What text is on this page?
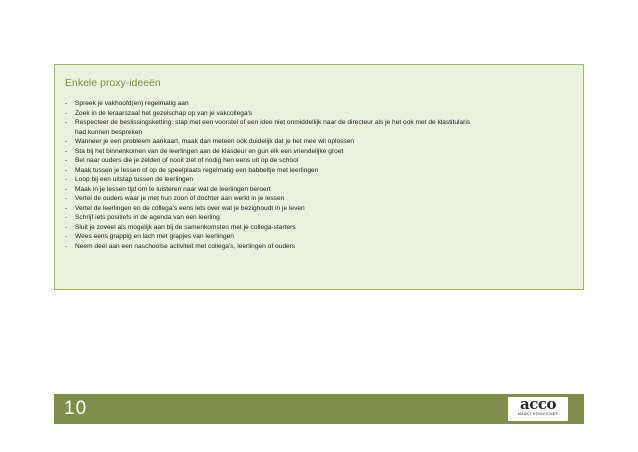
Enkele proxy-ideeën
- Spreek je vakhoofd(en) regelmatig aan
- Zoek in de leraarszaal het gezelschap op van je vakcollega's
- Respecteer de beslissingsketting: stap met een voorstel of een idee niet onmiddellijk naar de directeur als je het ook met de klastitularis
had kunnen bespreken
- Wanneer je een probleem aankaart, maak dan meteen ook duidelijk dat je het mee wil oplossen
- Sta bij het binnenkomen van de leerlingen aan de klasdeur en gun elk een vriendelijke groet
- Bel naar ouders die je zelden of nooit ziet of nodig hen eens uit op de school
- Maak tussen je lessen of op de speelplaats regelmatig een babbeltje met leerlingen
- Loop bij een uitstap tussen de leerlingen
- Maak in je lessen tijd om te luisteren naar wat de leerlingen beroert
- Vertel de ouders waar je met hun zoon of dochter aan werkt in je lessen
- Vertel de leerlingen en de collega’s eens iets over wat je bezighoudt in je leven
- Schrijf iets positiefs in de agenda van een leerling
- Sluit je zoveel als mogelijk aan bij de samenkomsten met je collega-starters
- Wees eens grappig en lach met grapjes van leerlingen
- Neem deel aan een naschoolse activiteit met collega’s, leerlingen of ouders
10	acco
MAAKT KENNIS MEE
